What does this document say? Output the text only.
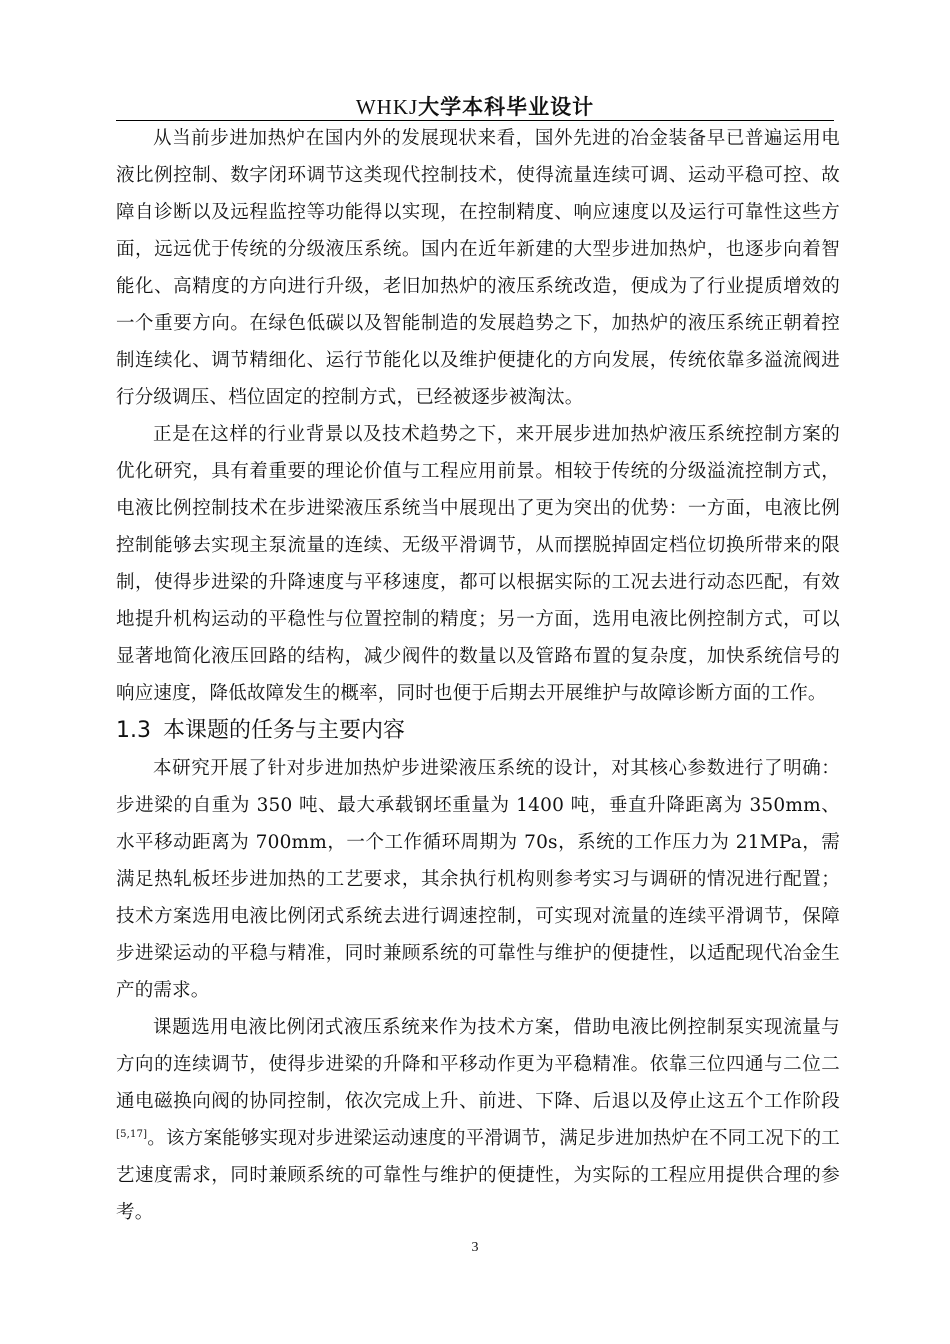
WHKJ大学本科毕业设计

从当前步进加热炉在国内外的发展现状来看，国外先进的冶金装备早已普遍运用电液比例控制、数字闭环调节这类现代控制技术，使得流量连续可调、运动平稳可控、故障自诊断以及远程监控等功能得以实现，在控制精度、响应速度以及运行可靠性这些方面，远远优于传统的分级液压系统。国内在近年新建的大型步进加热炉，也逐步向着智能化、高精度的方向进行升级，老旧加热炉的液压系统改造，便成为了行业提质增效的一个重要方向。在绿色低碳以及智能制造的发展趋势之下，加热炉的液压系统正朝着控制连续化、调节精细化、运行节能化以及维护便捷化的方向发展，传统依靠多溢流阀进行分级调压、档位固定的控制方式，已经被逐步被淘汰。

正是在这样的行业背景以及技术趋势之下，来开展步进加热炉液压系统控制方案的优化研究，具有着重要的理论价值与工程应用前景。相较于传统的分级溢流控制方式，电液比例控制技术在步进梁液压系统当中展现出了更为突出的优势：一方面，电液比例控制能够去实现主泵流量的连续、无级平滑调节，从而摆脱掉固定档位切换所带来的限制，使得步进梁的升降速度与平移速度，都可以根据实际的工况去进行动态匹配，有效地提升机构运动的平稳性与位置控制的精度；另一方面，选用电液比例控制方式，可以显著地简化液压回路的结构，减少阀件的数量以及管路布置的复杂度，加快系统信号的响应速度，降低故障发生的概率，同时也便于后期去开展维护与故障诊断方面的工作。

1.3 本课题的任务与主要内容

本研究开展了针对步进加热炉步进梁液压系统的设计，对其核心参数进行了明确：步进梁的自重为 350 吨、最大承载钢坯重量为 1400 吨，垂直升降距离为 350mm、水平移动距离为 700mm，一个工作循环周期为 70s，系统的工作压力为 21MPa，需满足热轧板坯步进加热的工艺要求，其余执行机构则参考实习与调研的情况进行配置；技术方案选用电液比例闭式系统去进行调速控制，可实现对流量的连续平滑调节，保障步进梁运动的平稳与精准，同时兼顾系统的可靠性与维护的便捷性，以适配现代冶金生产的需求。

课题选用电液比例闭式液压系统来作为技术方案，借助电液比例控制泵实现流量与方向的连续调节，使得步进梁的升降和平移动作更为平稳精准。依靠三位四通与二位二通电磁换向阀的协同控制，依次完成上升、前进、下降、后退以及停止这五个工作阶段[5,17]。该方案能够实现对步进梁运动速度的平滑调节，满足步进加热炉在不同工况下的工艺速度需求，同时兼顾系统的可靠性与维护的便捷性，为实际的工程应用提供合理的参考。

3
